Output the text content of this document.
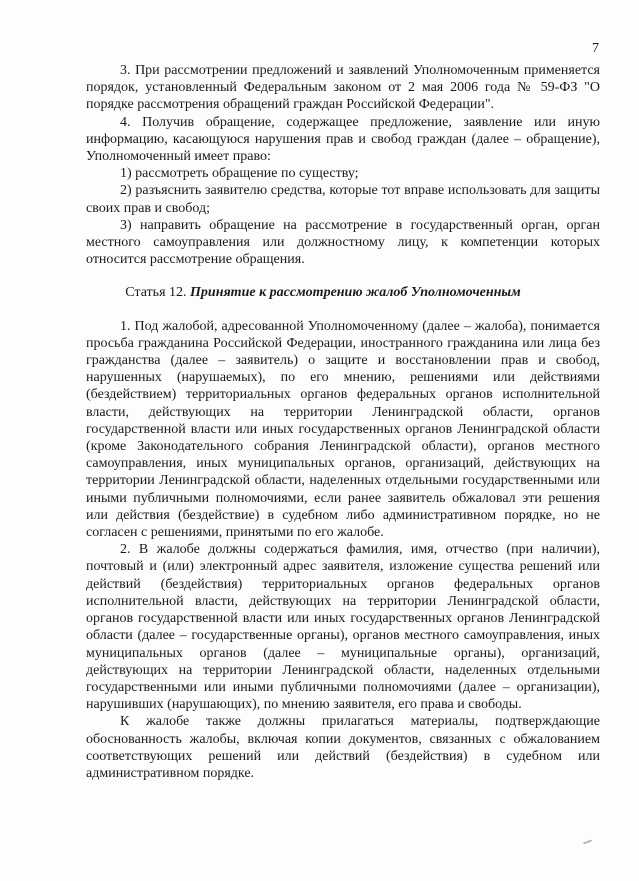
7

3. При рассмотрении предложений и заявлений Уполномоченным применяется порядок, установленный Федеральным законом от 2 мая 2006 года № 59-ФЗ "О порядке рассмотрения обращений граждан Российской Федерации".

4. Получив обращение, содержащее предложение, заявление или иную информацию, касающуюся нарушения прав и свобод граждан (далее – обращение), Уполномоченный имеет право:

1) рассмотреть обращение по существу;

2) разъяснить заявителю средства, которые тот вправе использовать для защиты своих прав и свобод;

3) направить обращение на рассмотрение в государственный орган, орган местного самоуправления или должностному лицу, к компетенции которых относится рассмотрение обращения.

Статья 12. Принятие к рассмотрению жалоб Уполномоченным

1. Под жалобой, адресованной Уполномоченному (далее – жалоба), понимается просьба гражданина Российской Федерации, иностранного гражданина или лица без гражданства (далее – заявитель) о защите и восстановлении прав и свобод, нарушенных (нарушаемых), по его мнению, решениями или действиями (бездействием) территориальных органов федеральных органов исполнительной власти, действующих на территории Ленинградской области, органов государственной власти или иных государственных органов Ленинградской области (кроме Законодательного собрания Ленинградской области), органов местного самоуправления, иных муниципальных органов, организаций, действующих на территории Ленинградской области, наделенных отдельными государственными или иными публичными полномочиями, если ранее заявитель обжаловал эти решения или действия (бездействие) в судебном либо административном порядке, но не согласен с решениями, принятыми по его жалобе.

2. В жалобе должны содержаться фамилия, имя, отчество (при наличии), почтовый и (или) электронный адрес заявителя, изложение существа решений или действий (бездействия) территориальных органов федеральных органов исполнительной власти, действующих на территории Ленинградской области, органов государственной власти или иных государственных органов Ленинградской области (далее – государственные органы), органов местного самоуправления, иных муниципальных органов (далее – муниципальные органы), организаций, действующих на территории Ленинградской области, наделенных отдельными государственными или иными публичными полномочиями (далее – организации), нарушивших (нарушающих), по мнению заявителя, его права и свободы.

К жалобе также должны прилагаться материалы, подтверждающие обоснованность жалобы, включая копии документов, связанных с обжалованием соответствующих решений или действий (бездействия) в судебном или административном порядке.
